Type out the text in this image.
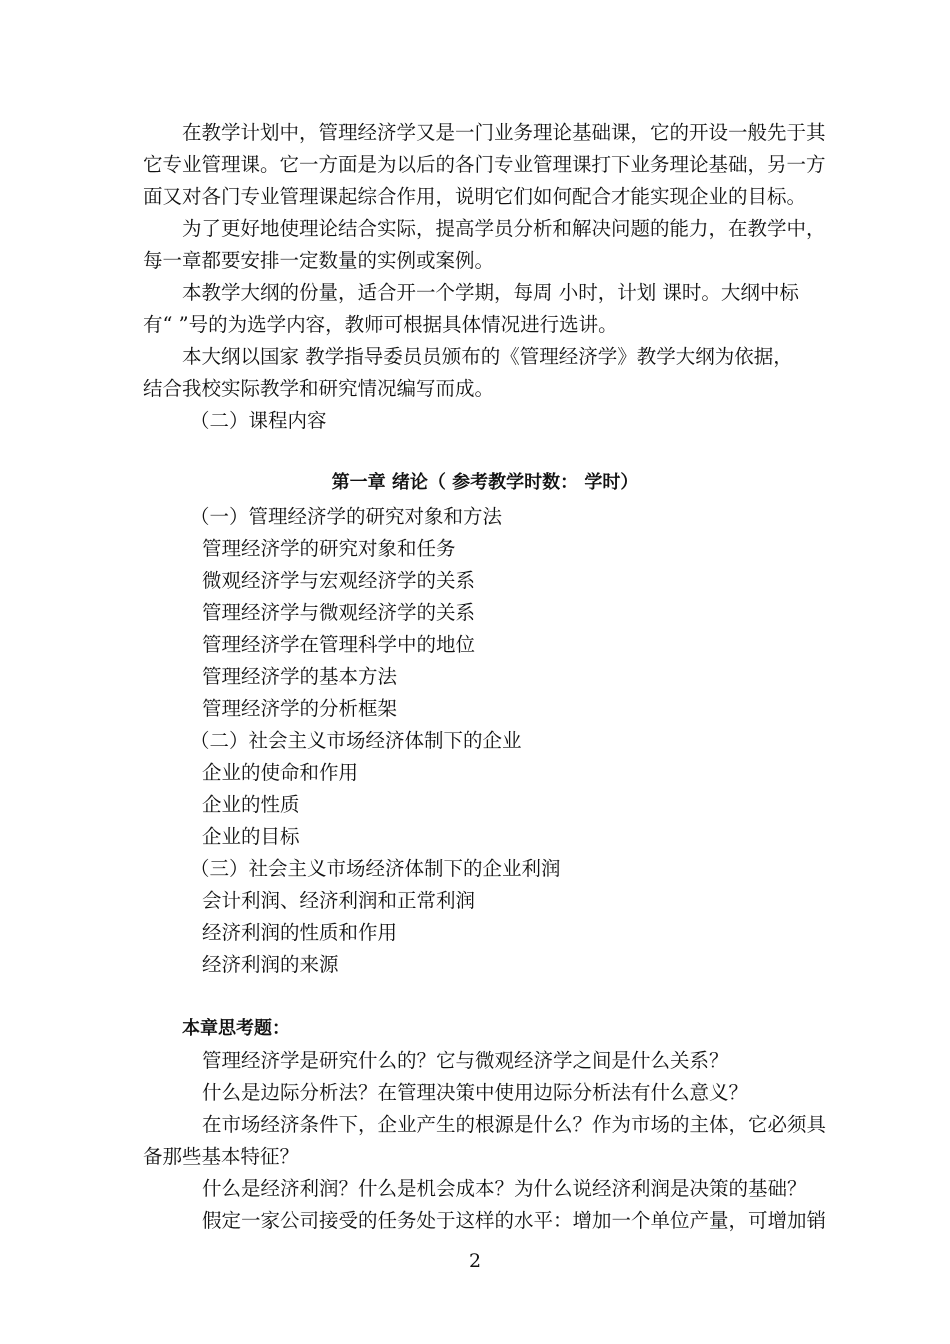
在教学计划中，管理经济学又是一门业务理论基础课，它的开设一般先于其
它专业管理课。它一方面是为以后的各门专业管理课打下业务理论基础，另一方
面又对各门专业管理课起综合作用，说明它们如何配合才能实现企业的目标。
为了更好地使理论结合实际，提高学员分析和解决问题的能力，在教学中，
每一章都要安排一定数量的实例或案例。
本教学大纲的份量，适合开一个学期，每周 小时，计划 课时。大纲中标
有“ ”号的为选学内容，教师可根据具体情况进行选讲。
本大纲以国家 教学指导委员员颁布的《管理经济学》教学大纲为依据，
结合我校实际教学和研究情况编写而成。
（二）课程内容
第一章 绪论（ 参考教学时数： 学时）
（一）管理经济学的研究对象和方法
管理经济学的研究对象和任务
微观经济学与宏观经济学的关系
管理经济学与微观经济学的关系
管理经济学在管理科学中的地位
管理经济学的基本方法
管理经济学的分析框架
（二）社会主义市场经济体制下的企业
企业的使命和作用
企业的性质
企业的目标
（三）社会主义市场经济体制下的企业利润
会计利润、经济利润和正常利润
经济利润的性质和作用
经济利润的来源
本章思考题：
管理经济学是研究什么的？它与微观经济学之间是什么关系？
什么是边际分析法？在管理决策中使用边际分析法有什么意义？
在市场经济条件下，企业产生的根源是什么？作为市场的主体，它必须具
备那些基本特征？
什么是经济利润？什么是机会成本？为什么说经济利润是决策的基础？
假定一家公司接受的任务处于这样的水平：增加一个单位产量，可增加销
2
